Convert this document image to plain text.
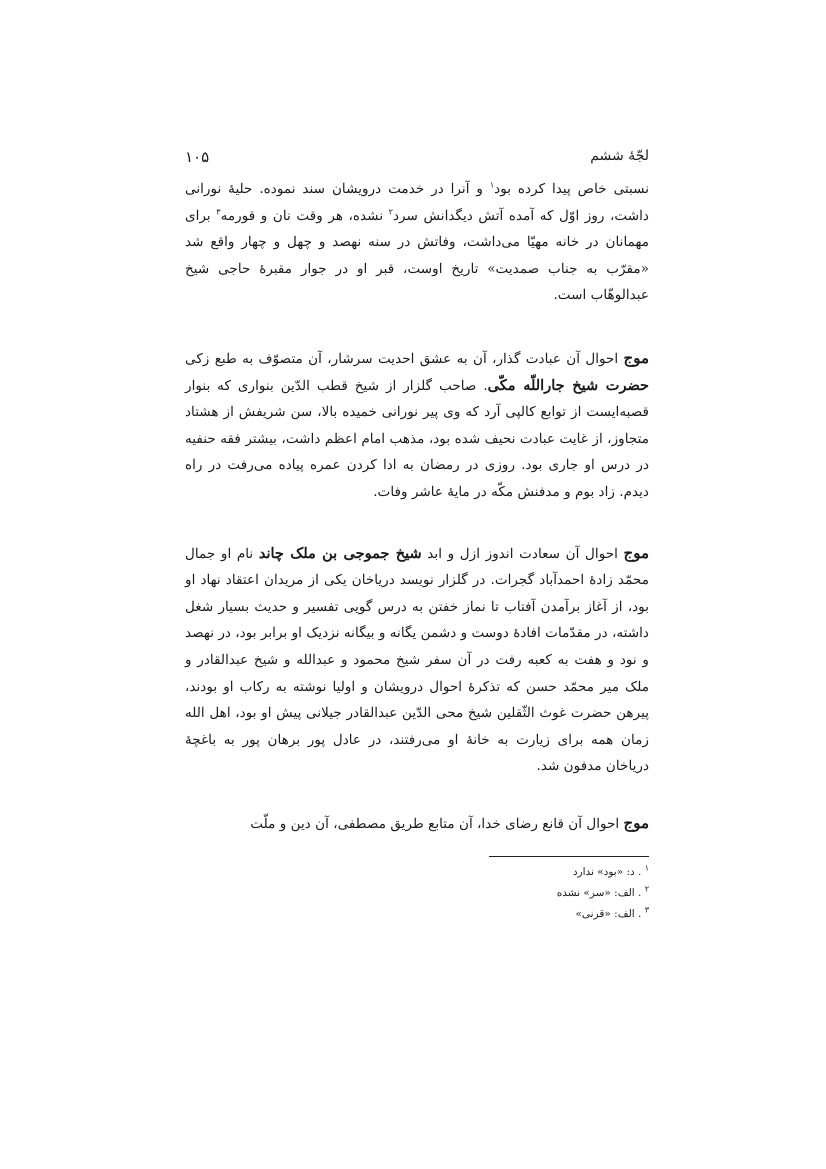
لجّهٔ ششم
۱۰۵

نسبتی خاص پیدا کرده بود$^۱$ و آنرا در خدمت درویشان سند نموده. حلیهٔ نورانی داشت، روز اوّل که آمده آتش دیگدانش سرد$^۲$ نشده، هر وقت نان و قورمه$^۳$ برای مهمانان در خانه مهیّا می‌داشت، وفاتش در سنه نهصد و چهل و چهار واقع شد «مقرّب به جناب صمدیت» تاریخ اوست، قبر او در جوار مقبرهٔ حاجی شیخ عبدالوهّاب است.

موج احوال آن عبادت گذار، آن به عشق احدیت سرشار، آن متصوّف به طبع زکی حضرت شیخ جاراللّه مکّی. صاحب گلزار از شیخ قطب الدّین بنواری که بنوار قصبه‌ایست از توابع کالپی آرد که وی پیر نورانی خمیده بالا، سن شریفش از هشتاد متجاوز، از غایت عبادت نحیف شده بود، مذهب امام اعظم داشت، بیشتر فقه حنفیه در درس او جاری بود. روزی در رمضان به ادا کردن عمره پیاده می‌رفت در راه دیدم. زاد بوم و مدفنش مکّه در مایهٔ عاشر وفات.

موج احوال آن سعادت اندوز ازل و ابد شیخ جموجی بن ملک چاند نام او جمال محمّد زادهٔ احمدآباد گجرات. در گلزار نویسد دریاخان یکی از مریدان اعتقاد نهاد او بود، از آغاز برآمدن آفتاب تا نماز خفتن به درس گویی تفسیر و حدیث بسیار شغل داشته، در مقدّمات افادهٔ دوست و دشمن یگانه و بیگانه نزدیک او برابر بود، در نهصد و نود و هفت به کعبه رفت در آن سفر شیخ محمود و عبدالله و شیخ عبدالقادر و ملک میر محمّد حسن که تذکرهٔ احوال درویشان و اولیا نوشته به رکاب او بودند، پیرهن حضرت غوث الثّقلین شیخ محی الدّین عبدالقادر جیلانی پیش او بود، اهل الله زمان همه برای زیارت به خانهٔ او می‌رفتند، در عادل پور برهان پور به باغچهٔ دریاخان مدفون شد.

موج احوال آن قانع رضای خدا، آن متابع طریق مصطفی، آن دین و ملّت

$^۱$ . د: «بود» ندارد
$^۲$ . الف: «سر» نشده
$^۳$ . الف: «قرنی»
